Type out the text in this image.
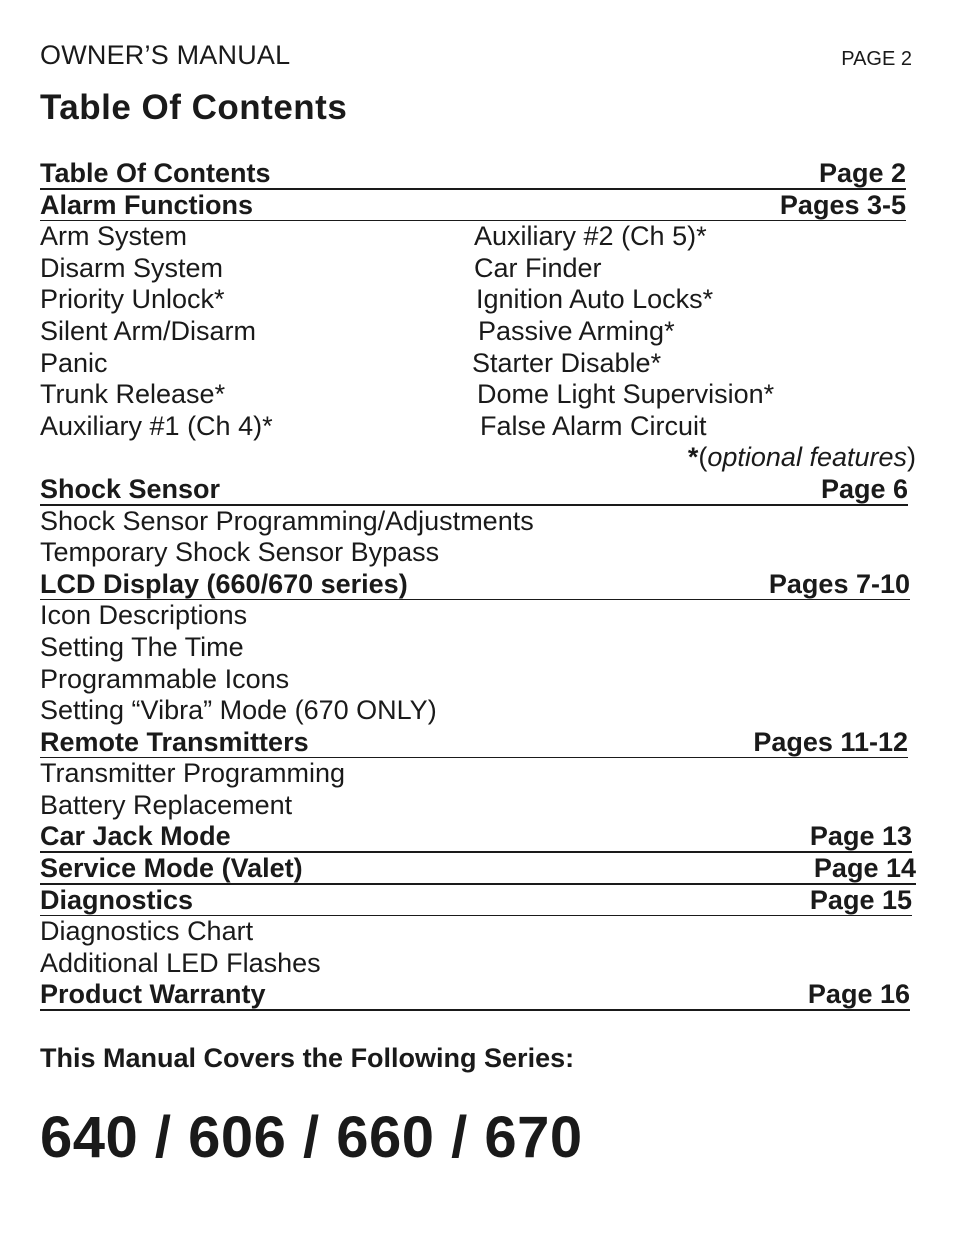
OWNER’S MANUAL	PAGE 2
Table Of Contents
Table Of Contents	Page 2
Alarm Functions	Pages 3-5
Arm System	Auxiliary #2 (Ch 5)*
Disarm System	Car Finder
Priority Unlock*	Ignition Auto Locks*
Silent Arm/Disarm	Passive Arming*
Panic	Starter Disable*
Trunk Release*	Dome Light Supervision*
Auxiliary #1 (Ch 4)*	False Alarm Circuit
*(optional features)
Shock Sensor	Page 6
Shock Sensor Programming/Adjustments
Temporary Shock Sensor Bypass
LCD Display (660/670 series)	Pages 7-10
Icon Descriptions
Setting The Time
Programmable Icons
Setting “Vibra” Mode (670 ONLY)
Remote Transmitters	Pages 11-12
Transmitter Programming
Battery Replacement
Car Jack Mode	Page 13
Service Mode (Valet)	Page 14
Diagnostics	Page 15
Diagnostics Chart
Additional LED Flashes
Product Warranty	Page 16
This Manual Covers the Following Series:
640 / 606 / 660 / 670
